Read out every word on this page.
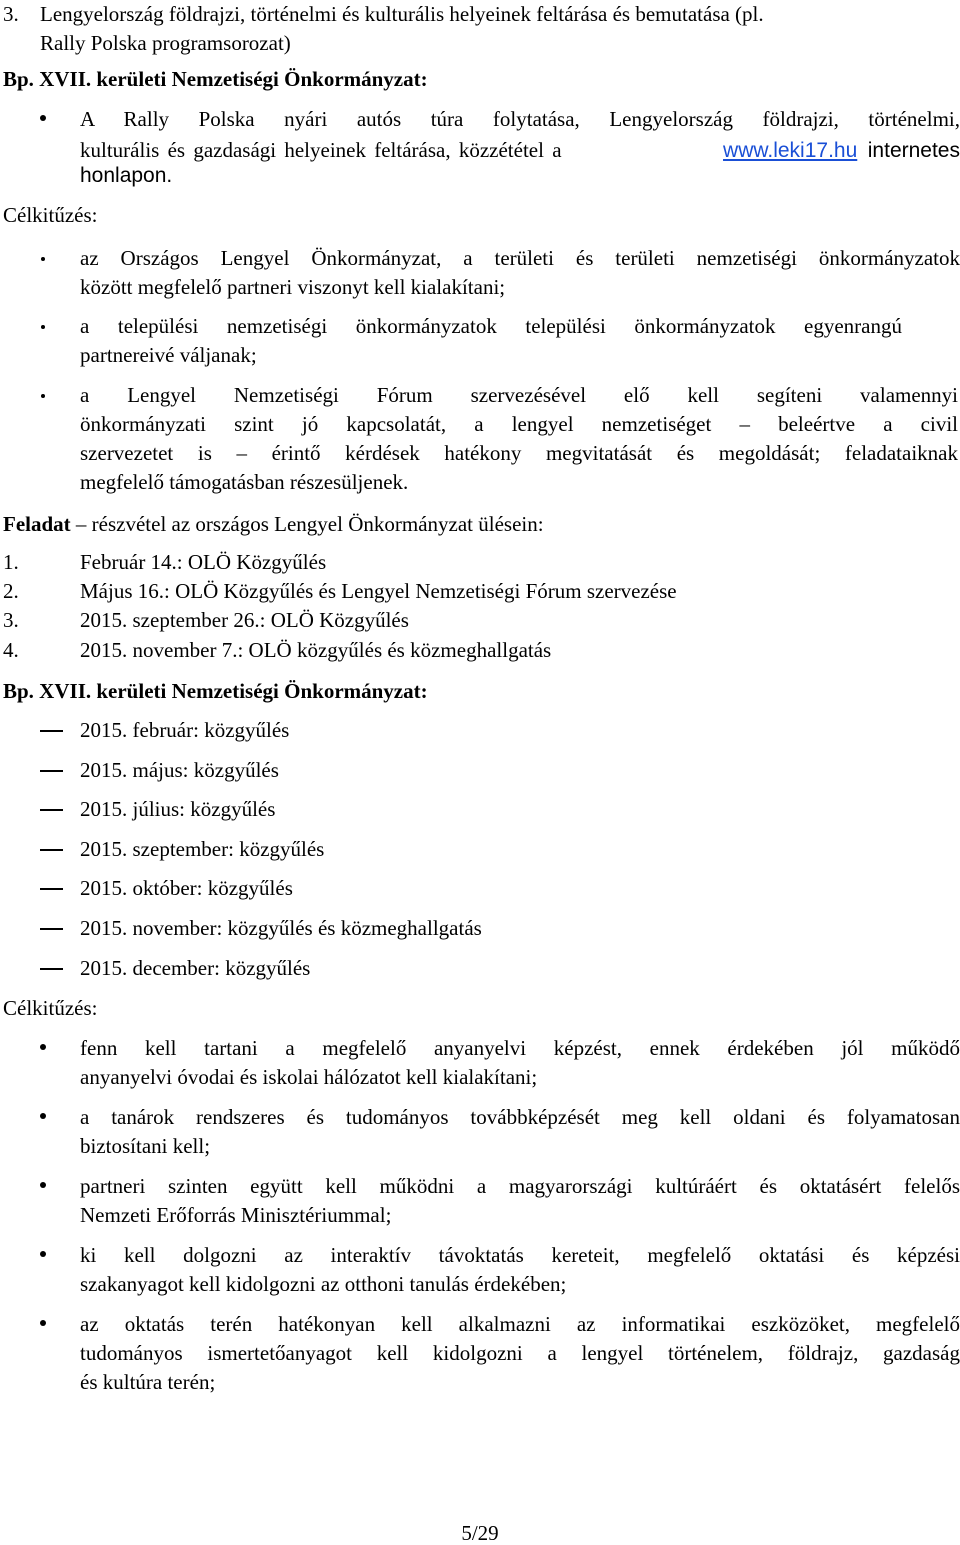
3. Lengyelország földrajzi, történelmi és kulturális helyeinek feltárása és bemutatása (pl.
Rally Polska programsorozat)
Bp. XVII. kerületi Nemzetiségi Önkormányzat:
A Rally Polska nyári autós túra folytatása, Lengyelország földrajzi, történelmi,
kulturális és gazdasági helyeinek feltárása, közzététel a	www.leki17.hu internetes
honlapon.
Célkitűzés:
az Országos Lengyel Önkormányzat, a területi és területi nemzetiségi önkormányzatok
között megfelelő partneri viszonyt kell kialakítani;
a települési nemzetiségi önkormányzatok települési önkormányzatok egyenrangú
partnereivé váljanak;
a Lengyel Nemzetiségi Fórum szervezésével elő kell segíteni valamennyi
önkormányzati szint jó kapcsolatát, a lengyel nemzetiséget – beleértve a civil
szervezetet is – érintő kérdések hatékony megvitatását és megoldását; feladataiknak
megfelelő támogatásban részesüljenek.
Feladat – részvétel az országos Lengyel Önkormányzat ülésein:
1.	Február 14.: OLÖ Közgyűlés
2.	Május 16.: OLÖ Közgyűlés és Lengyel Nemzetiségi Fórum szervezése
3.	2015. szeptember 26.: OLÖ Közgyűlés
4.	2015. november 7.: OLÖ közgyűlés és közmeghallgatás
Bp. XVII. kerületi Nemzetiségi Önkormányzat:
2015. február: közgyűlés
2015. május: közgyűlés
2015. július: közgyűlés
2015. szeptember: közgyűlés
2015. október: közgyűlés
2015. november: közgyűlés és közmeghallgatás
2015. december: közgyűlés
Célkitűzés:
fenn kell tartani a megfelelő anyanyelvi képzést, ennek érdekében jól működő
anyanyelvi óvodai és iskolai hálózatot kell kialakítani;
a tanárok rendszeres és tudományos továbbképzését meg kell oldani és folyamatosan
biztosítani kell;
partneri szinten együtt kell működni a magyarországi kultúráért és oktatásért felelős
Nemzeti Erőforrás Minisztériummal;
ki kell dolgozni az interaktív távoktatás kereteit, megfelelő oktatási és képzési
szakanyagot kell kidolgozni az otthoni tanulás érdekében;
az oktatás terén hatékonyan kell alkalmazni az informatikai eszközöket, megfelelő
tudományos ismertetőanyagot kell kidolgozni a lengyel történelem, földrajz, gazdaság
és kultúra terén;
5/29
